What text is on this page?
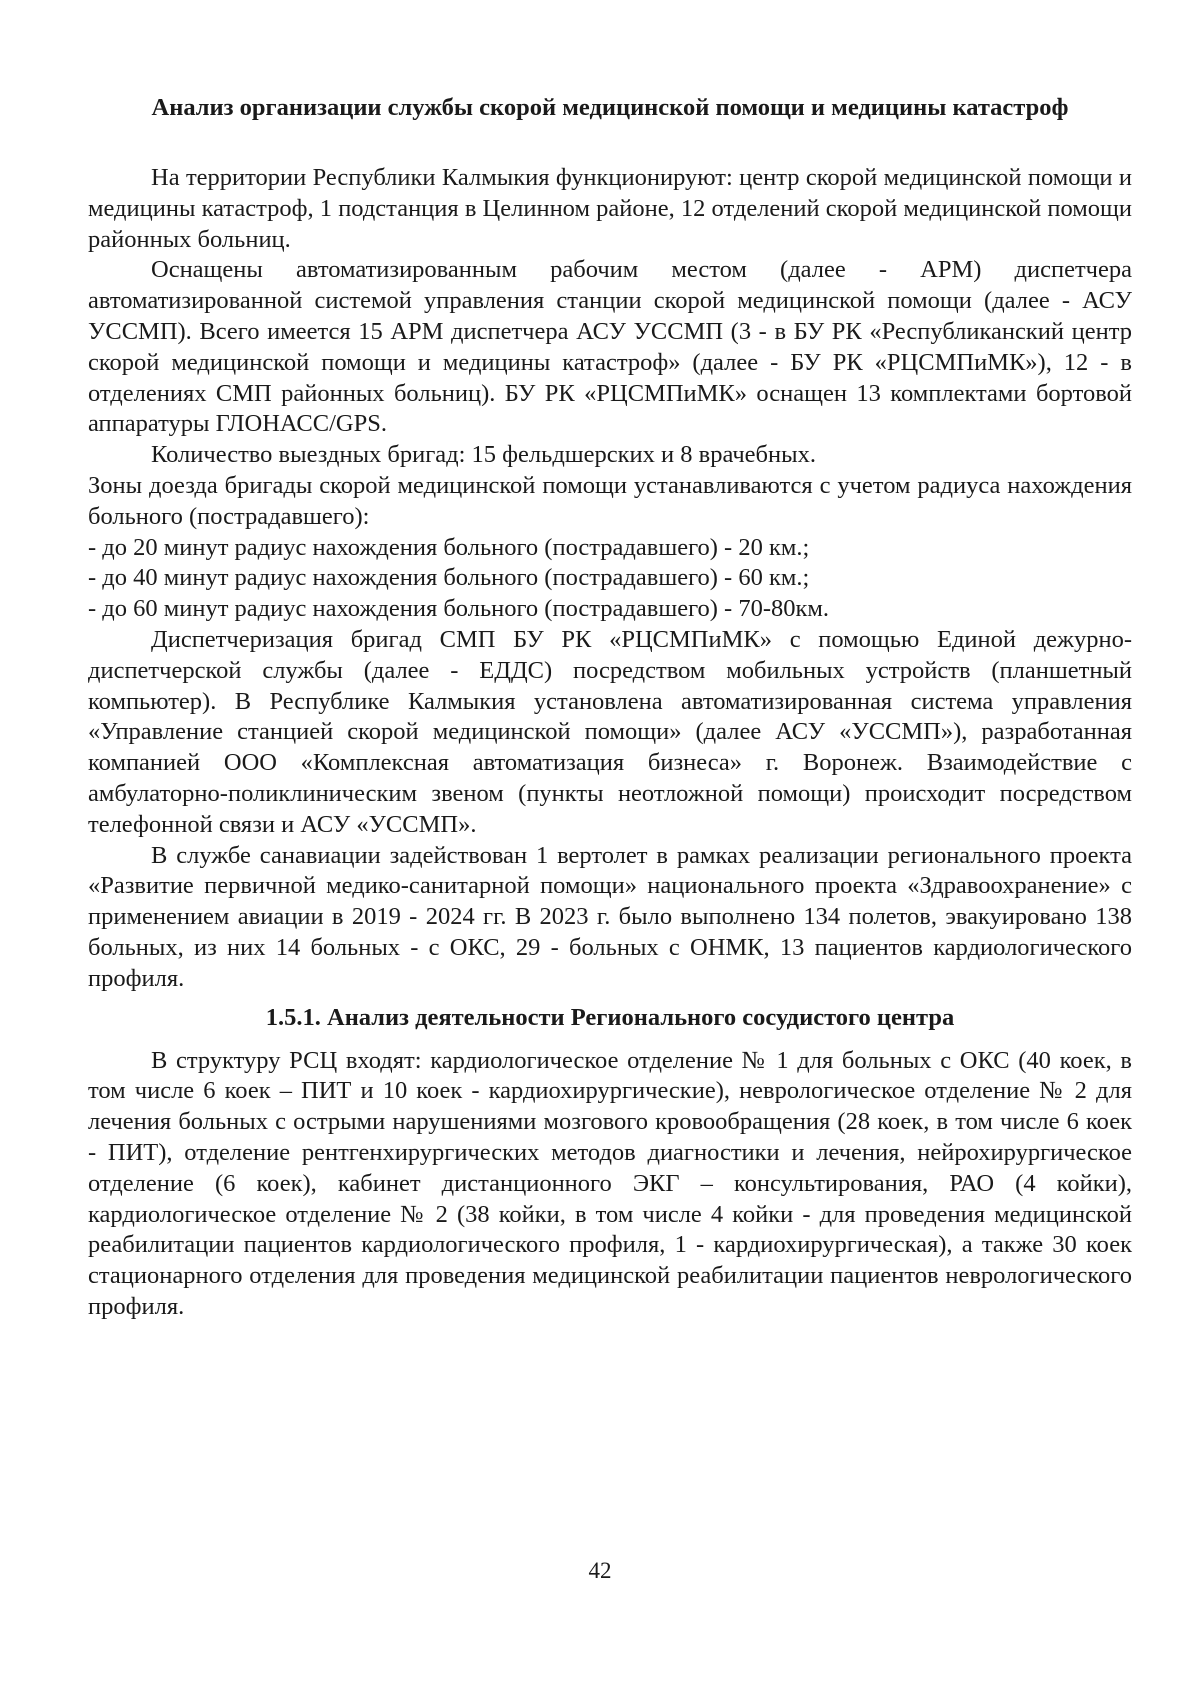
Анализ организации службы скорой медицинской помощи и медицины катастроф

На территории Республики Калмыкия функционируют: центр скорой медицинской помощи и медицины катастроф, 1 подстанция в Целинном районе, 12 отделений скорой медицинской помощи районных больниц.

Оснащены автоматизированным рабочим местом (далее - АРМ) диспетчера автоматизированной системой управления станции скорой медицинской помощи (далее - АСУ УССМП). Всего имеется 15 АРМ диспетчера АСУ УССМП (3 - в БУ РК «Республиканский центр скорой медицинской помощи и медицины катастроф» (далее - БУ РК «РЦСМПиМК»), 12 - в отделениях СМП районных больниц). БУ РК «РЦСМПиМК» оснащен 13 комплектами бортовой аппаратуры ГЛОНАСС/GPS.

Количество выездных бригад: 15 фельдшерских и 8 врачебных.

Зоны доезда бригады скорой медицинской помощи устанавливаются с учетом радиуса нахождения больного (пострадавшего):

- до 20 минут радиус нахождения больного (пострадавшего) - 20 км.;

- до 40 минут радиус нахождения больного (пострадавшего) - 60 км.;

- до 60 минут радиус нахождения больного (пострадавшего) - 70-80км.

Диспетчеризация бригад СМП БУ РК «РЦСМПиМК» с помощью Единой дежурно-диспетчерской службы (далее - ЕДДС) посредством мобильных устройств (планшетный компьютер). В Республике Калмыкия установлена автоматизированная система управления «Управление станцией скорой медицинской помощи» (далее АСУ «УССМП»), разработанная компанией ООО «Комплексная автоматизация бизнеса» г. Воронеж. Взаимодействие с амбулаторно-поликлиническим звеном (пункты неотложной помощи) происходит посредством телефонной связи и АСУ «УССМП».

В службе санавиации задействован 1 вертолет в рамках реализации регионального проекта «Развитие первичной медико-санитарной помощи» национального проекта «Здравоохранение» с применением авиации в 2019 - 2024 гг. В 2023 г. было выполнено 134 полетов, эвакуировано 138 больных, из них 14 больных - с ОКС, 29 - больных с ОНМК, 13 пациентов кардиологического профиля.

1.5.1. Анализ деятельности Регионального сосудистого центра

В структуру РСЦ входят: кардиологическое отделение № 1 для больных с ОКС (40 коек, в том числе 6 коек – ПИТ и 10 коек - кардиохирургические), неврологическое отделение № 2 для лечения больных с острыми нарушениями мозгового кровообращения (28 коек, в том числе 6 коек - ПИТ), отделение рентгенхирургических методов диагностики и лечения, нейрохирургическое отделение (6 коек), кабинет дистанционного ЭКГ – консультирования, РАО (4 койки), кардиологическое отделение № 2 (38 койки, в том числе 4 койки - для проведения медицинской реабилитации пациентов кардиологического профиля, 1 - кардиохирургическая), а также 30 коек стационарного отделения для проведения медицинской реабилитации пациентов неврологического профиля.

42
